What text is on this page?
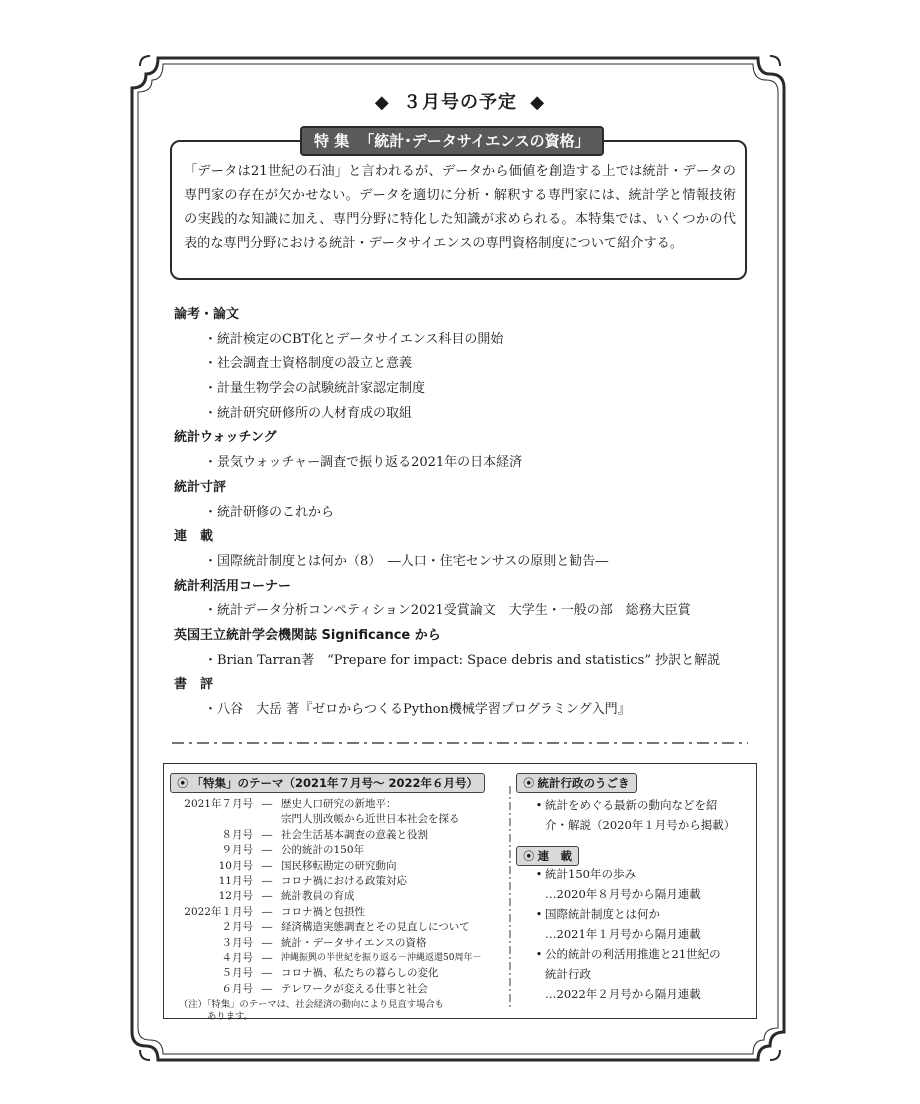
◆ ３月号の予定 ◆
特 集 「統計･データサイエンスの資格」
「データは21世紀の石油」と言われるが、データから価値を創造する上では統計・データの専門家の存在が欠かせない。データを適切に分析・解釈する専門家には、統計学と情報技術の実践的な知識に加え、専門分野に特化した知識が求められる。本特集では、いくつかの代表的な専門分野における統計・データサイエンスの専門資格制度について紹介する。
論考・論文
・統計検定のCBT化とデータサイエンス科目の開始
・社会調査士資格制度の設立と意義
・計量生物学会の試験統計家認定制度
・統計研究研修所の人材育成の取組
統計ウォッチング
・景気ウォッチャー調査で振り返る2021年の日本経済
統計寸評
・統計研修のこれから
連　載
・国際統計制度とは何か（8）　―人口・住宅センサスの原則と勧告―
統計利活用コーナー
・統計データ分析コンペティション2021受賞論文　大学生・一般の部　総務大臣賞
英国王立統計学会機関誌 Significance から
・Brian Tarran著　“Prepare for impact: Space debris and statistics” 抄訳と解説
書　評
・八谷　大岳 著『ゼロからつくるPython機械学習プログラミング入門』
⦿ 「特集」のテーマ（2021年７月号～ 2022年６月号）
2021年７月号 ― 歴史人口研究の新地平：
宗門人別改帳から近世日本社会を探る
８月号 ― 社会生活基本調査の意義と役割
９月号 ― 公的統計の150年
10月号 ― 国民移転勘定の研究動向
11月号 ― コロナ禍における政策対応
12月号 ― 統計教員の育成
2022年１月号 ― コロナ禍と包摂性
２月号 ― 経済構造実態調査とその見直しについて
３月号 ― 統計・データサイエンスの資格
４月号 ― 沖縄振興の半世紀を振り返る－沖縄返還50周年－
５月号 ― コロナ禍、私たちの暮らしの変化
６月号 ― テレワークが変える仕事と社会
（注）「特集」のテーマは、社会経済の動向により見直す場合も
あります。
⦿ 統計行政のうごき
• 統計をめぐる最新の動向などを紹
介・解説（2020年１月号から掲載）
⦿ 連　載
• 統計150年の歩み
…2020年８月号から隔月連載
• 国際統計制度とは何か
…2021年１月号から隔月連載
• 公的統計の利活用推進と21世紀の
統計行政
…2022年２月号から隔月連載
